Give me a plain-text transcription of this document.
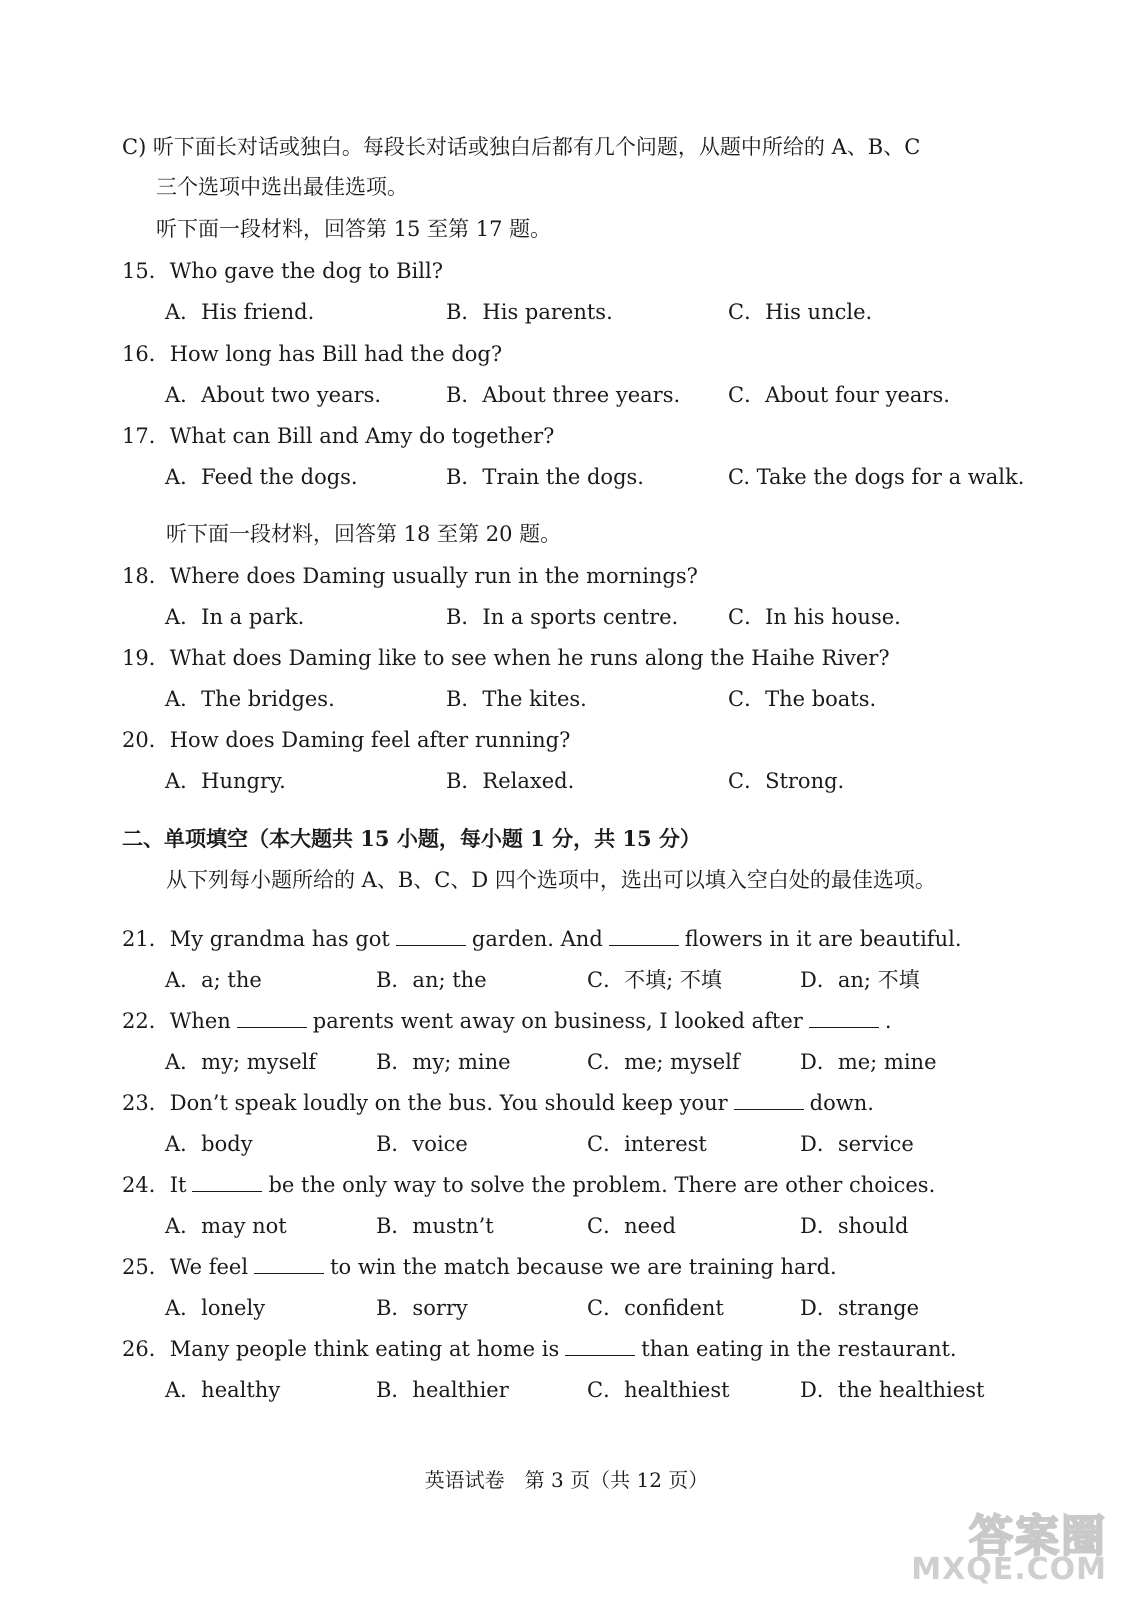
C) 听下面长对话或独白。每段长对话或独白后都有几个问题，从题中所给的 A、B、C
三个选项中选出最佳选项。
听下面一段材料，回答第 15 至第 17 题。
15．Who gave the dog to Bill?
A．His friend.	B．His parents.	C．His uncle.
16．How long has Bill had the dog?
A．About two years.	B．About three years. C．About four years.
17．What can Bill and Amy do together?
A．Feed the dogs.	B．Train the dogs.	C. Take the dogs for a walk.
听下面一段材料，回答第 18 至第 20 题。
18．Where does Daming usually run in the mornings?
A．In a park.	B．In a sports centre. C．In his house.
19．What does Daming like to see when he runs along the Haihe River?
A．The bridges.	B．The kites.	C．The boats.
20．How does Daming feel after running?
A．Hungry.	B．Relaxed.	C．Strong.
二、单项填空（本大题共 15 小题，每小题 1 分，共 15 分）
从下列每小题所给的 A、B、C、D 四个选项中，选出可以填入空白处的最佳选项。
21．My grandma has got	garden. And	flowers in it are beautiful.
A．a; the	B．an; the	C．不填; 不填	D．an; 不填
22．When	parents went away on business, I looked after	.
A．my; myself	B．my; mine	C．me; myself	D．me; mine
23．Don’t speak loudly on the bus. You should keep your	down.
A．body	B．voice	C．interest	D．service
24．It	be the only way to solve the problem. There are other choices.
A．may not	B．mustn’t	C．need	D．should
25．We feel	to win the match because we are training hard.
A．lonely	B．sorry	C．confident	D．strange
26．Many people think eating at home is	than eating in the restaurant.
A．healthy	B．healthier	C．healthiest	D．the healthiest
英语试卷　第 3 页（共 12 页）
答案圈
MXQE.COM
